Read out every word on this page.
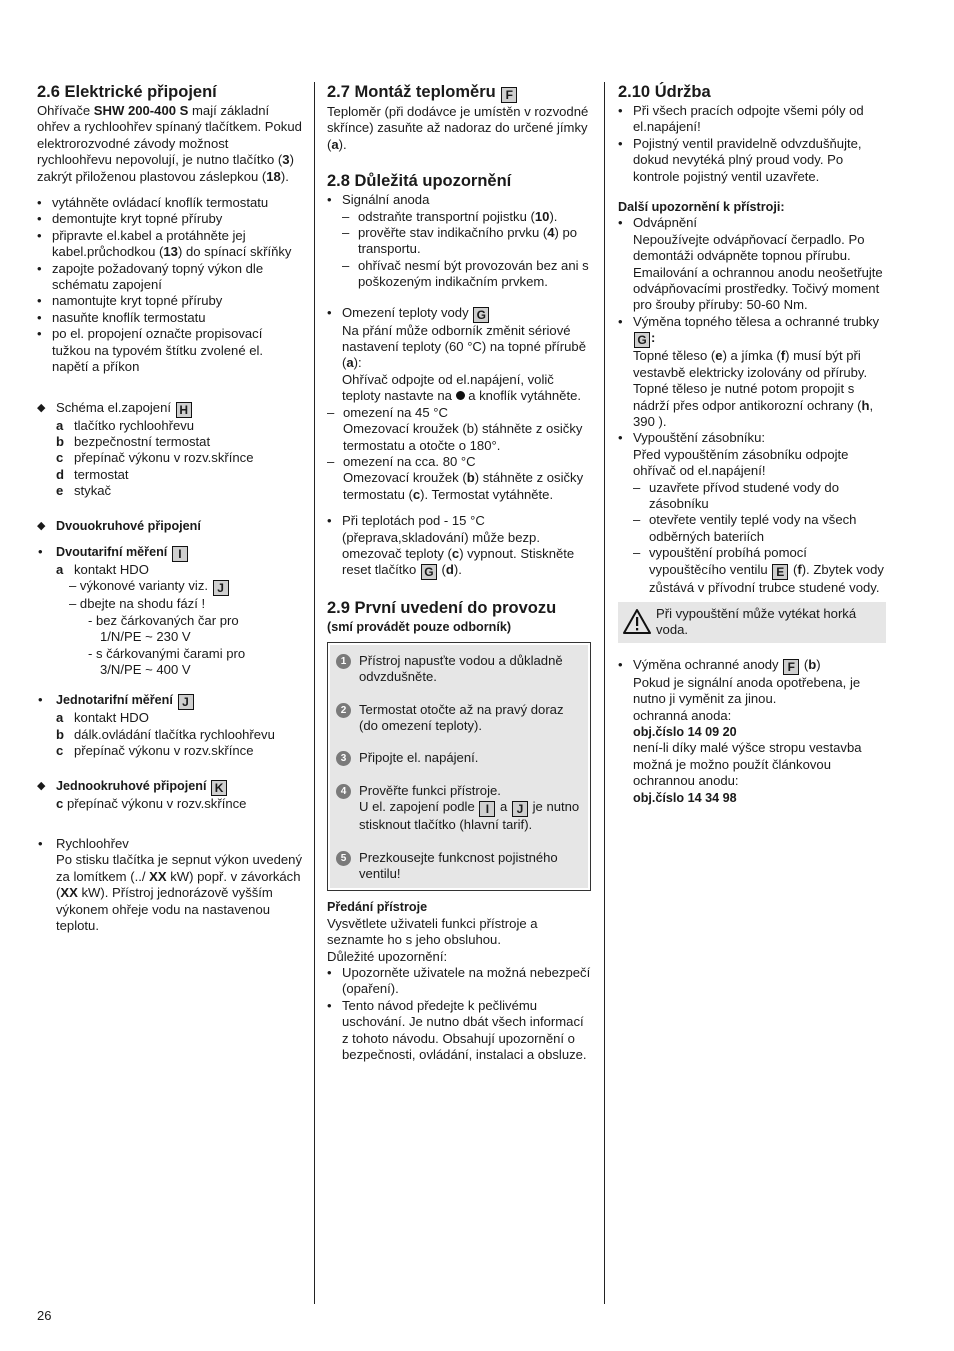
2.6 Elektrické připojení

Ohřívače SHW 200-400 S mají základní ohřev a rychloohřev spínaný tlačítkem. Pokud elektrorozvodné závody možnost rychloohřevu nepovolují, je nutno tlačítko (3) zakrýt přiloženou plastovou záslepkou (18).

• vytáhněte ovládací knoflík termostatu
• demontujte kryt topné příruby
• připravte el.kabel a protáhněte jej kabel.průchodkou (13) do spínací skříňky
• zapojte požadovaný topný výkon dle schématu zapojení
• namontujte kryt topné příruby
• nasuňte knoflík termostatu
• po el. propojení označte propisovací tužkou na typovém štítku zvolené el. napětí a příkon
◆ Schéma el.zapojení H
a tlačítko rychloohřevu
b bezpečnostní termostat
c přepínač výkonu v rozv.skřínce
d termostat
e stykač
◆ Dvouokruhové připojení
• Dvoutarifní měření I
a kontakt HDO
– výkonové varianty viz. J
– dbejte na shodu fází !
- bez čárkovaných čar pro
1/N/PE ~ 230 V
- s čárkovanými čarami pro
3/N/PE ~ 400 V
• Jednotarifní měření J
a kontakt HDO
b dálk.ovládání tlačítka rychloohřevu
c přepínač výkonu v rozv.skřínce
◆ Jednookruhové připojení K
c přepínač výkonu v rozv.skřínce
• Rychloohřev
Po stisku tlačítka je sepnut výkon uvedený za lomítkem (../ XX kW) popř. v závorkách (XX kW). Přístroj jednorázově vyšším výkonem ohřeje vodu na nastavenou teplotu.
2.7 Montáž teploměru F

Teploměr (při dodávce je umístěn v rozvodné skřínce) zasuňte až nadoraz do určené jímky (a).

2.8 Důležitá upozornění
• Signální anoda
– odstraňte transportní pojistku (10).
– prověřte stav indikačního prvku (4) po transportu.
– ohřívač nesmí být provozován bez ani s poškozeným indikačním prvkem.
• Omezení teploty vody G
Na přání může odborník změnit sériové nastavení teploty (60 °C) na topné přírubě (a):
Ohřívač odpojte od el.napájení, volič teploty nastavte na a knoflík vytáhněte.
– omezení na 45 °C
Omezovací kroužek (b) stáhněte z osičky termostatu a otočte o 180°.
– omezení na cca. 80 °C
Omezovací kroužek (b) stáhněte z osičky termostatu (c). Termostat vytáhněte.
• Při teplotách pod - 15 °C (přeprava,skladování) může bezp. omezovač teploty (c) vypnout. Stiskněte reset tlačítko G (d).
2.9 První uvedení do provozu
(smí provádět pouze odborník)
1 Přístroj napusťte vodou a důkladně odvzdušněte.
2 Termostat otočte až na pravý doraz (do omezení teploty).
3 Připojte el. napájení.
4 Prověřte funkci přístroje.
U el. zapojení podle I a J je nutno stisknout tlačítko (hlavní tarif).
5 Prezkousejte funkcnost pojistného ventilu!
Předání přístroje

Vysvětlete uživateli funkci přístroje a seznamte ho s jeho obsluhou.

Důležité upozornění:

• Upozorněte uživatele na možná nebezpečí (opaření).
• Tento návod předejte k pečlivému uschování. Je nutno dbát všech informací z tohoto návodu. Obsahují upozornění o bezpečnosti, ovládání, instalaci a obsluze.
2.10 Údržba
• Při všech pracích odpojte všemi póly od el.napájení!
• Pojistný ventil pravidelně odvzdušňujte, dokud nevytéká plný proud vody. Po kontrole pojistný ventil uzavřete.
Další upozornění k přístroji:
• Odvápnění
Nepoužívejte odvápňovací čerpadlo. Po demontáži odvápněte topnou přírubu. Emailování a ochrannou anodu neošetřujte odvápňovacími prostředky. Točivý moment pro šrouby příruby: 50-60 Nm.
• Výměna topného tělesa a ochranné trubky G :
Topné těleso (e) a jímka (f) musí být při vestavbě elektricky izolovány od příruby.
Topné těleso je nutné potom propojit s nádrží přes odpor antikorozní ochrany (h, 390 ).
• Vypouštění zásobníku:
Před vypouštěním zásobníku odpojte ohřívač od el.napájení!
– uzavřete přívod studené vody do zásobníku
– otevřete ventily teplé vody na všech odběrných bateriích
– vypouštění probíhá pomocí vypouštěcího ventilu E (f). Zbytek vody zůstává v přívodní trubce studené vody.
Při vypouštění může vytékat horká voda.
• Výměna ochranné anody F (b)
Pokud je signální anoda opotřebena, je nutno ji vyměnit za jinou.
ochranná anoda:
obj.číslo 14 09 20
není-li díky malé výšce stropu vestavba možná je možno použít článkovou ochrannou anodu:
obj.číslo 14 34 98
26
